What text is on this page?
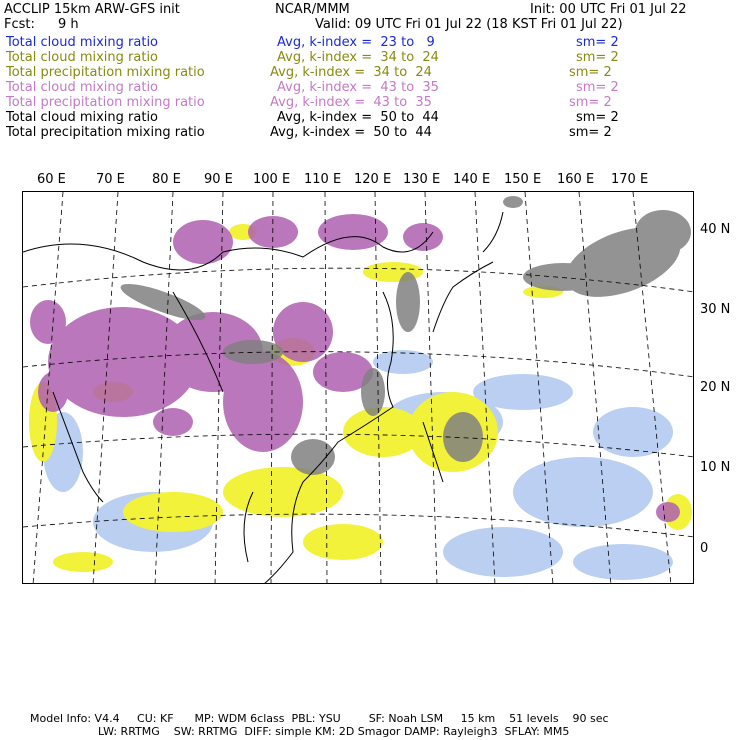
ACCLIP 15km ARW-GFS init	NCAR/MMM	Init: 00 UTC Fri 01 Jul 22
Fcst: 9 h	Valid: 09 UTC Fri 01 Jul 22 (18 KST Fri 01 Jul 22)
Total cloud mixing ratio	Avg, k-index =  23 to   9	sm= 2
Total cloud mixing ratio	Avg, k-index =  34 to  24	sm= 2
Total precipitation mixing ratio	Avg, k-index =  34 to  24	sm= 2
Total cloud mixing ratio	Avg, k-index =  43 to  35	sm= 2
Total precipitation mixing ratio	Avg, k-index =  43 to  35	sm= 2
Total cloud mixing ratio	Avg, k-index =  50 to  44	sm= 2
Total precipitation mixing ratio	Avg, k-index =  50 to  44	sm= 2
60 E 70 E 80 E 90 E 100 E 110 E 120 E 130 E 140 E 150 E 160 E 170 E
40 N
30 N
20 N
10 N
0
Model Info: V4.4     CU: KF      MP: WDM 6class  PBL: YSU        SF: Noah LSM     15 km    51 levels    90 sec
LW: RRTMG    SW: RRTMG  DIFF: simple KM: 2D Smagor DAMP: Rayleigh3  SFLAY: MM5
